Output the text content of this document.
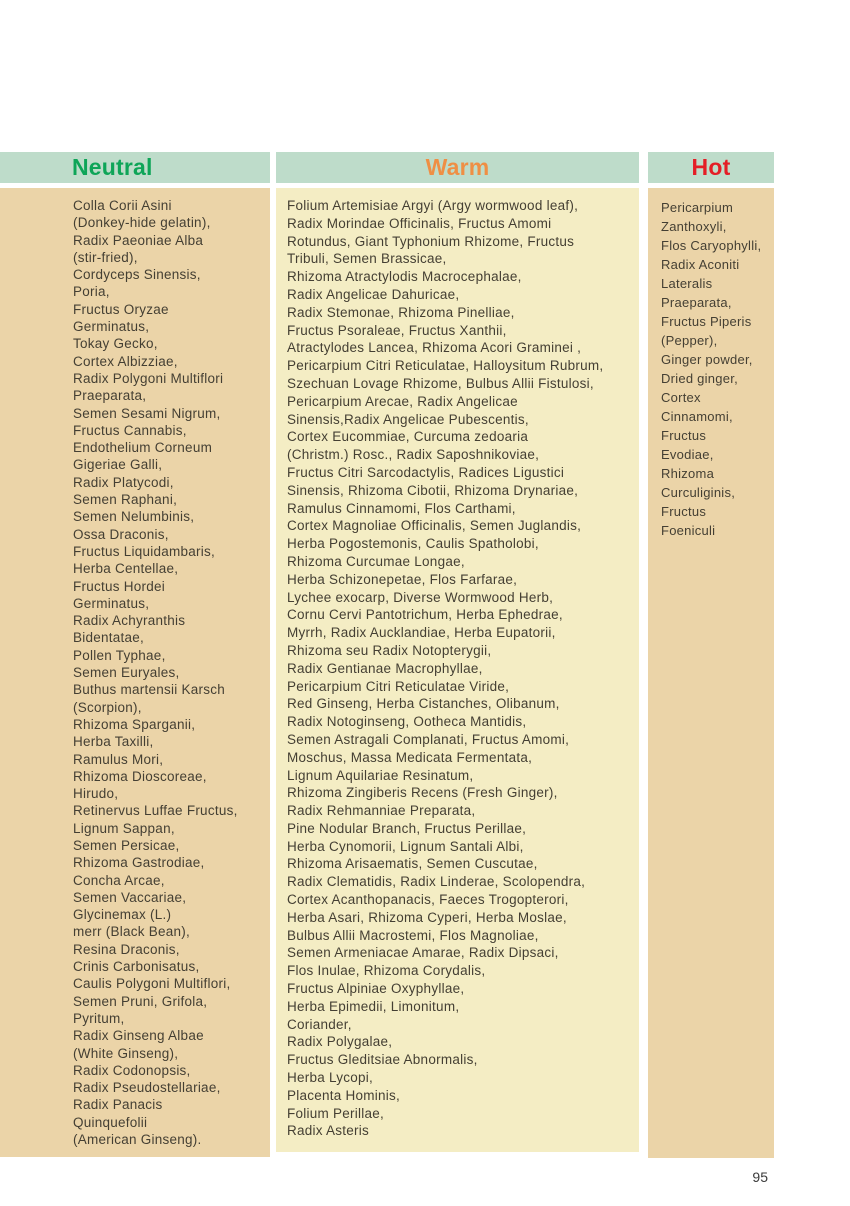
Neutral	Warm	Hot
Colla Corii Asini
(Donkey-hide gelatin),
Radix Paeoniae Alba
(stir-fried),
Cordyceps Sinensis,
Poria,
Fructus Oryzae
Germinatus,
Tokay Gecko,
Cortex Albizziae,
Radix Polygoni Multiflori
Praeparata,
Semen Sesami Nigrum,
Fructus Cannabis,
Endothelium Corneum
Gigeriae Galli,
Radix Platycodi,
Semen Raphani,
Semen Nelumbinis,
Ossa Draconis,
Fructus Liquidambaris,
Herba Centellae,
Fructus Hordei
Germinatus,
Radix Achyranthis
Bidentatae,
Pollen Typhae,
Semen Euryales,
Buthus martensii Karsch
(Scorpion),
Rhizoma Sparganii,
Herba Taxilli,
Ramulus Mori,
Rhizoma Dioscoreae,
Hirudo,
Retinervus Luffae Fructus,
Lignum Sappan,
Semen Persicae,
Rhizoma Gastrodiae,
Concha Arcae,
Semen Vaccariae,
Glycinemax (L.)
merr (Black Bean),
Resina Draconis,
Crinis Carbonisatus,
Caulis Polygoni Multiflori,
Semen Pruni, Grifola,
Pyritum,
Radix Ginseng Albae
(White Ginseng),
Radix Codonopsis,
Radix Pseudostellariae,
Radix Panacis
Quinquefolii
(American Ginseng).
Folium Artemisiae Argyi (Argy wormwood leaf),
Radix Morindae Officinalis, Fructus Amomi
Rotundus, Giant Typhonium Rhizome, Fructus
Tribuli, Semen Brassicae,
Rhizoma Atractylodis Macrocephalae,
Radix Angelicae Dahuricae,
Radix Stemonae, Rhizoma Pinelliae,
Fructus Psoraleae, Fructus Xanthii,
Atractylodes Lancea, Rhizoma Acori Graminei ,
Pericarpium Citri Reticulatae, Halloysitum Rubrum,
Szechuan Lovage Rhizome, Bulbus Allii Fistulosi,
Pericarpium Arecae, Radix Angelicae
Sinensis,Radix Angelicae Pubescentis,
Cortex Eucommiae, Curcuma zedoaria
(Christm.) Rosc., Radix Saposhnikoviae,
Fructus Citri Sarcodactylis, Radices Ligustici
Sinensis, Rhizoma Cibotii, Rhizoma Drynariae,
Ramulus Cinnamomi, Flos Carthami,
Cortex Magnoliae Officinalis, Semen Juglandis,
Herba Pogostemonis, Caulis Spatholobi,
Rhizoma Curcumae Longae,
Herba Schizonepetae, Flos Farfarae,
Lychee exocarp, Diverse Wormwood Herb,
Cornu Cervi Pantotrichum, Herba Ephedrae,
Myrrh, Radix Aucklandiae, Herba Eupatorii,
Rhizoma seu Radix Notopterygii,
Radix Gentianae Macrophyllae,
Pericarpium Citri Reticulatae Viride,
Red Ginseng, Herba Cistanches, Olibanum,
Radix Notoginseng, Ootheca Mantidis,
Semen Astragali Complanati, Fructus Amomi,
Moschus, Massa Medicata Fermentata,
Lignum Aquilariae Resinatum,
Rhizoma Zingiberis Recens (Fresh Ginger),
Radix Rehmanniae Preparata,
Pine Nodular Branch, Fructus Perillae,
Herba Cynomorii, Lignum Santali Albi,
Rhizoma Arisaematis, Semen Cuscutae,
Radix Clematidis, Radix Linderae, Scolopendra,
Cortex Acanthopanacis, Faeces Trogopterori,
Herba Asari, Rhizoma Cyperi, Herba Moslae,
Bulbus Allii Macrostemi, Flos Magnoliae,
Semen Armeniacae Amarae, Radix Dipsaci,
Flos Inulae, Rhizoma Corydalis,
Fructus Alpiniae Oxyphyllae,
Herba Epimedii, Limonitum,
Coriander,
Radix Polygalae,
Fructus Gleditsiae Abnormalis,
Herba Lycopi,
Placenta Hominis,
Folium Perillae,
Radix Asteris
Pericarpium
Zanthoxyli,
Flos Caryophylli,
Radix Aconiti
Lateralis
Praeparata,
Fructus Piperis
(Pepper),
Ginger powder,
Dried ginger,
Cortex
Cinnamomi,
Fructus
Evodiae,
Rhizoma
Curculiginis,
Fructus
Foeniculi
95
